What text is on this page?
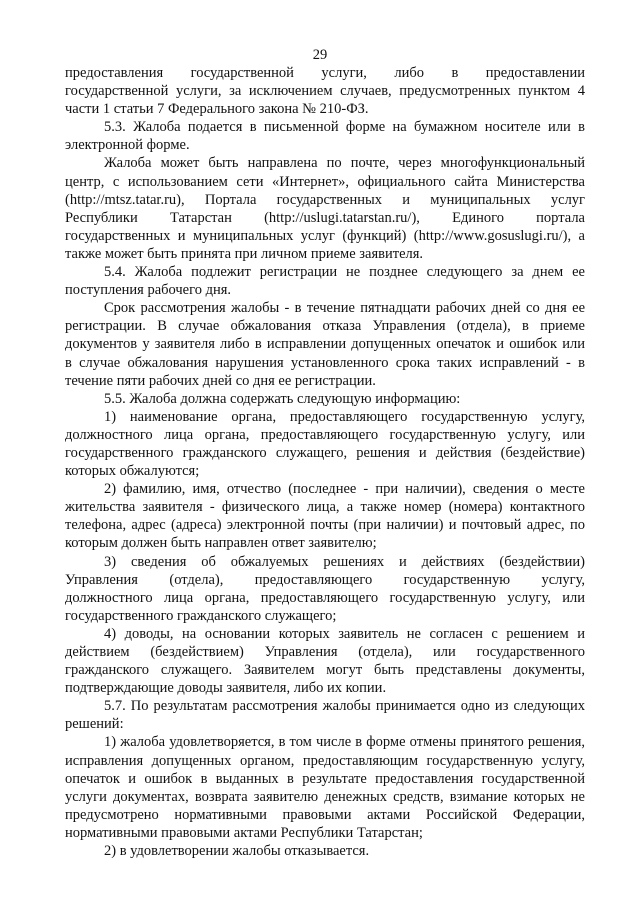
29

предоставления государственной услуги, либо в предоставлении
государственной услуги, за исключением случаев, предусмотренных пунктом 4
части 1 статьи 7 Федерального закона № 210-ФЗ.

5.3. Жалоба подается в письменной форме на бумажном носителе или в
электронной форме.

Жалоба может быть направлена по почте, через многофункциональный
центр, с использованием сети «Интернет», официального сайта Министерства
(http://mtsz.tatar.ru), Портала государственных и муниципальных услуг
Республики Татарстан (http://uslugi.tatarstan.ru/), Единого портала
государственных и муниципальных услуг (функций) (http://www.gosuslugi.ru/), а
также может быть принята при личном приеме заявителя.

5.4. Жалоба подлежит регистрации не позднее следующего за днем ее
поступления рабочего дня.

Срок рассмотрения жалобы - в течение пятнадцати рабочих дней со дня ее
регистрации. В случае обжалования отказа Управления (отдела), в приеме
документов у заявителя либо в исправлении допущенных опечаток и ошибок или
в случае обжалования нарушения установленного срока таких исправлений - в
течение пяти рабочих дней со дня ее регистрации.

5.5. Жалоба должна содержать следующую информацию:

1) наименование органа, предоставляющего государственную услугу,
должностного лица органа, предоставляющего государственную услугу, или
государственного гражданского служащего, решения и действия (бездействие)
которых обжалуются;

2) фамилию, имя, отчество (последнее - при наличии), сведения о месте
жительства заявителя - физического лица, а также номер (номера) контактного
телефона, адрес (адреса) электронной почты (при наличии) и почтовый адрес, по
которым должен быть направлен ответ заявителю;

3) сведения об обжалуемых решениях и действиях (бездействии)
Управления (отдела), предоставляющего государственную услугу,
должностного лица органа, предоставляющего государственную услугу, или
государственного гражданского служащего;

4) доводы, на основании которых заявитель не согласен с решением и
действием (бездействием) Управления (отдела), или государственного
гражданского служащего. Заявителем могут быть представлены документы,
подтверждающие доводы заявителя, либо их копии.

5.7. По результатам рассмотрения жалобы принимается одно из следующих
решений:

1) жалоба удовлетворяется, в том числе в форме отмены принятого решения,
исправления допущенных органом, предоставляющим государственную услугу,
опечаток и ошибок в выданных в результате предоставления государственной
услуги документах, возврата заявителю денежных средств, взимание которых не
предусмотрено нормативными правовыми актами Российской Федерации,
нормативными правовыми актами Республики Татарстан;

2) в удовлетворении жалобы отказывается.
